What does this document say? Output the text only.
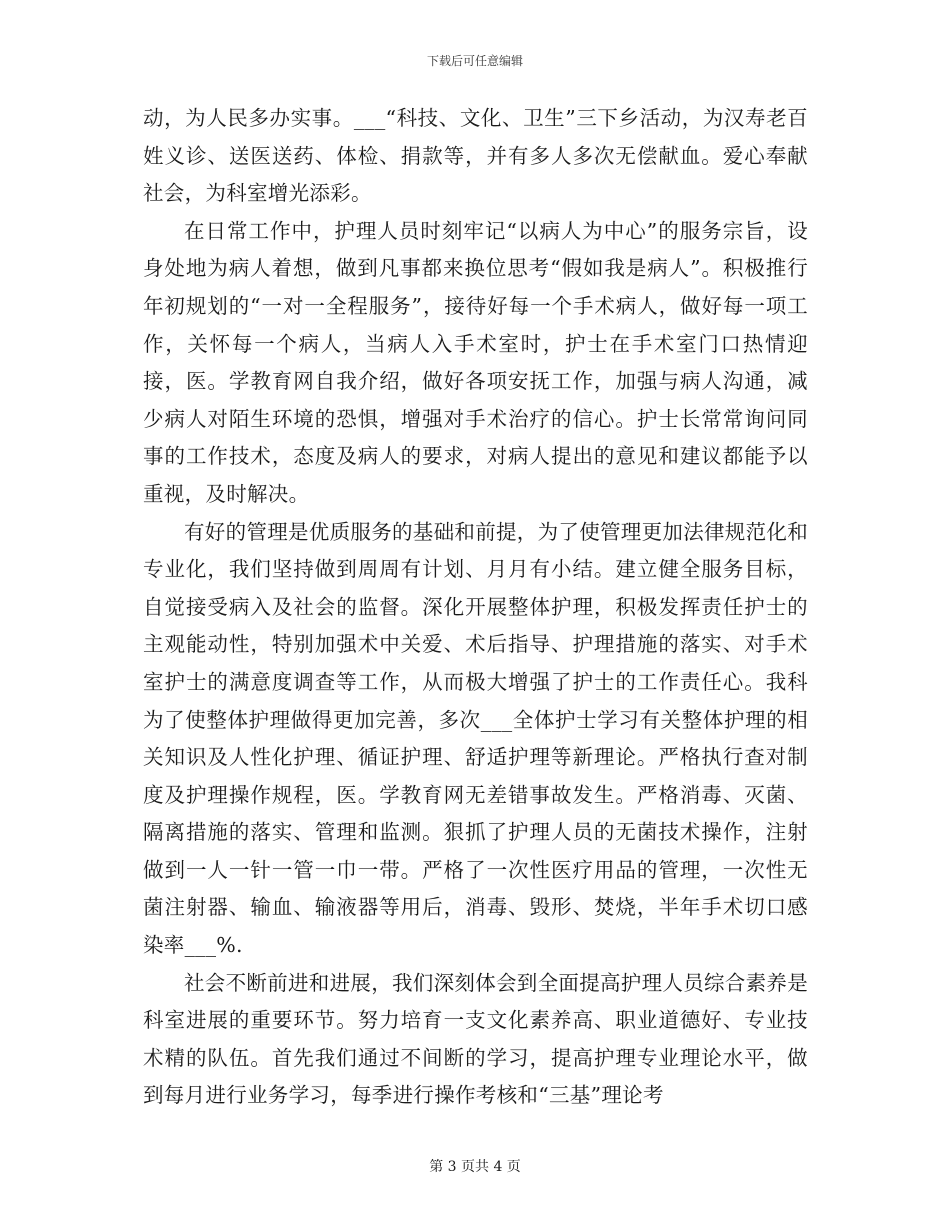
下载后可任意编辑

动，为人民多办实事。___“科技、文化、卫生”三下乡活动，为汉寿老百姓义诊、送医送药、体检、捐款等，并有多人多次无偿献血。爱心奉献社会，为科室增光添彩。

在日常工作中，护理人员时刻牢记“以病人为中心”的服务宗旨，设身处地为病人着想，做到凡事都来换位思考“假如我是病人”。积极推行年初规划的“一对一全程服务”，接待好每一个手术病人，做好每一项工作，关怀每一个病人，当病人入手术室时，护士在手术室门口热情迎接，医。学教育网自我介绍，做好各项安抚工作，加强与病人沟通，减少病人对陌生环境的恐惧，增强对手术治疗的信心。护士长常常询问同事的工作技术，态度及病人的要求，对病人提出的意见和建议都能予以重视，及时解决。

有好的管理是优质服务的基础和前提，为了使管理更加法律规范化和专业化，我们坚持做到周周有计划、月月有小结。建立健全服务目标，自觉接受病入及社会的监督。深化开展整体护理，积极发挥责任护士的主观能动性，特别加强术中关爱、术后指导、护理措施的落实、对手术室护士的满意度调查等工作，从而极大增强了护士的工作责任心。我科为了使整体护理做得更加完善，多次___全体护士学习有关整体护理的相关知识及人性化护理、循证护理、舒适护理等新理论。严格执行查对制度及护理操作规程，医。学教育网无差错事故发生。严格消毒、灭菌、隔离措施的落实、管理和监测。狠抓了护理人员的无菌技术操作，注射做到一人一针一管一巾一带。严格了一次性医疗用品的管理，一次性无菌注射器、输血、输液器等用后，消毒、毁形、焚烧，半年手术切口感染率___%.

社会不断前进和进展，我们深刻体会到全面提高护理人员综合素养是科室进展的重要环节。努力培育一支文化素养高、职业道德好、专业技术精的队伍。首先我们通过不间断的学习，提高护理专业理论水平，做到每月进行业务学习，每季进行操作考核和“三基”理论考

第 3 页共 4 页
